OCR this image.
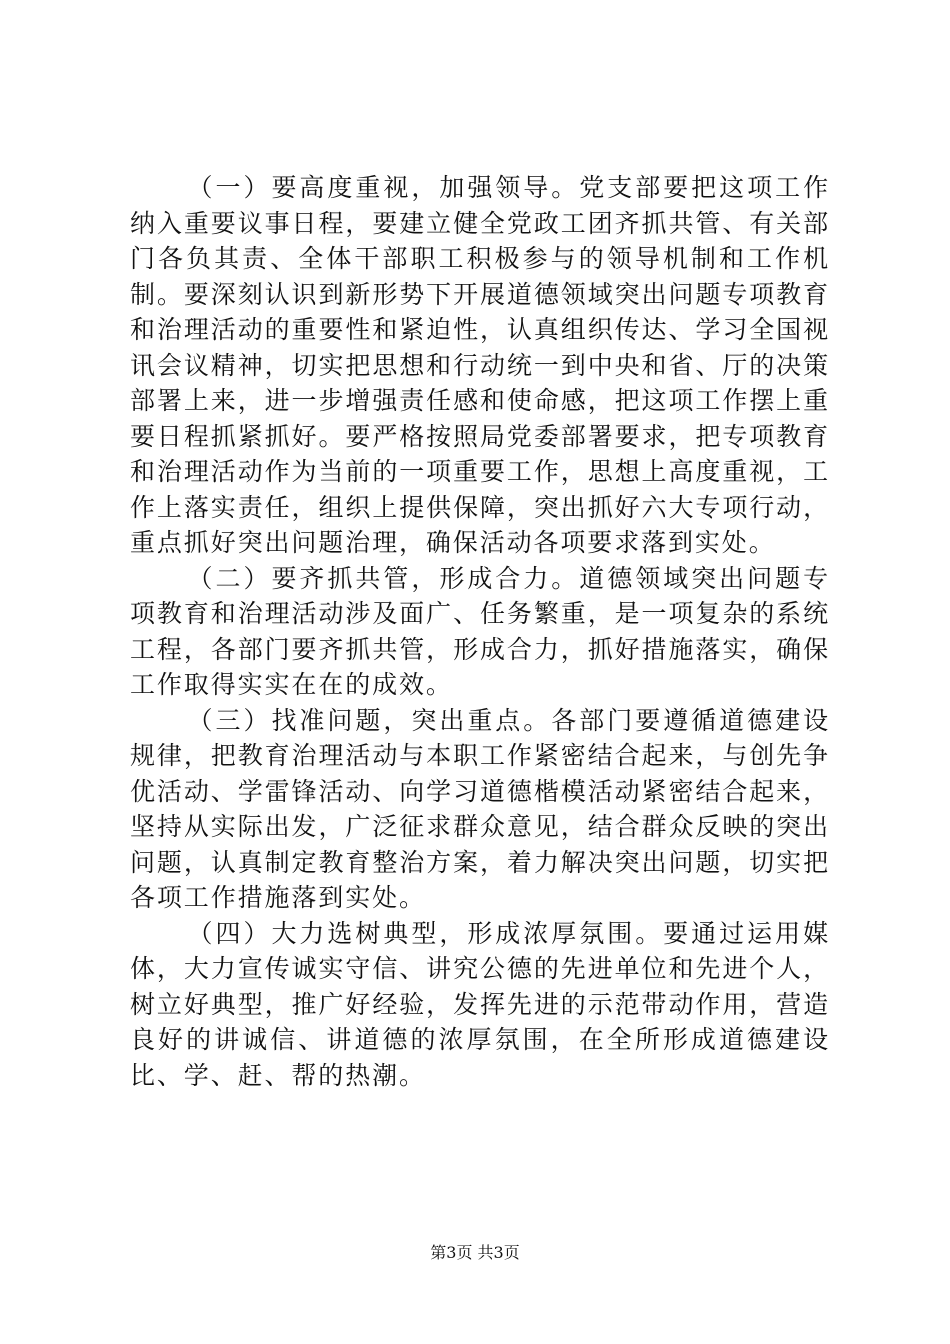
（一）要高度重视，加强领导。党支部要把这项工作纳入重要议事日程，要建立健全党政工团齐抓共管、有关部门各负其责、全体干部职工积极参与的领导机制和工作机制。要深刻认识到新形势下开展道德领域突出问题专项教育和治理活动的重要性和紧迫性，认真组织传达、学习全国视讯会议精神，切实把思想和行动统一到中央和省、厅的决策部署上来，进一步增强责任感和使命感，把这项工作摆上重要日程抓紧抓好。要严格按照局党委部署要求，把专项教育和治理活动作为当前的一项重要工作，思想上高度重视，工作上落实责任，组织上提供保障，突出抓好六大专项行动，重点抓好突出问题治理，确保活动各项要求落到实处。

（二）要齐抓共管，形成合力。道德领域突出问题专项教育和治理活动涉及面广、任务繁重，是一项复杂的系统工程，各部门要齐抓共管，形成合力，抓好措施落实，确保工作取得实实在在的成效。

（三）找准问题，突出重点。各部门要遵循道德建设规律，把教育治理活动与本职工作紧密结合起来，与创先争优活动、学雷锋活动、向学习道德楷模活动紧密结合起来，坚持从实际出发，广泛征求群众意见，结合群众反映的突出问题，认真制定教育整治方案，着力解决突出问题，切实把各项工作措施落到实处。

（四）大力选树典型，形成浓厚氛围。要通过运用媒体，大力宣传诚实守信、讲究公德的先进单位和先进个人，树立好典型，推广好经验，发挥先进的示范带动作用，营造良好的讲诚信、讲道德的浓厚氛围，在全所形成道德建设比、学、赶、帮的热潮。

第3页 共3页
